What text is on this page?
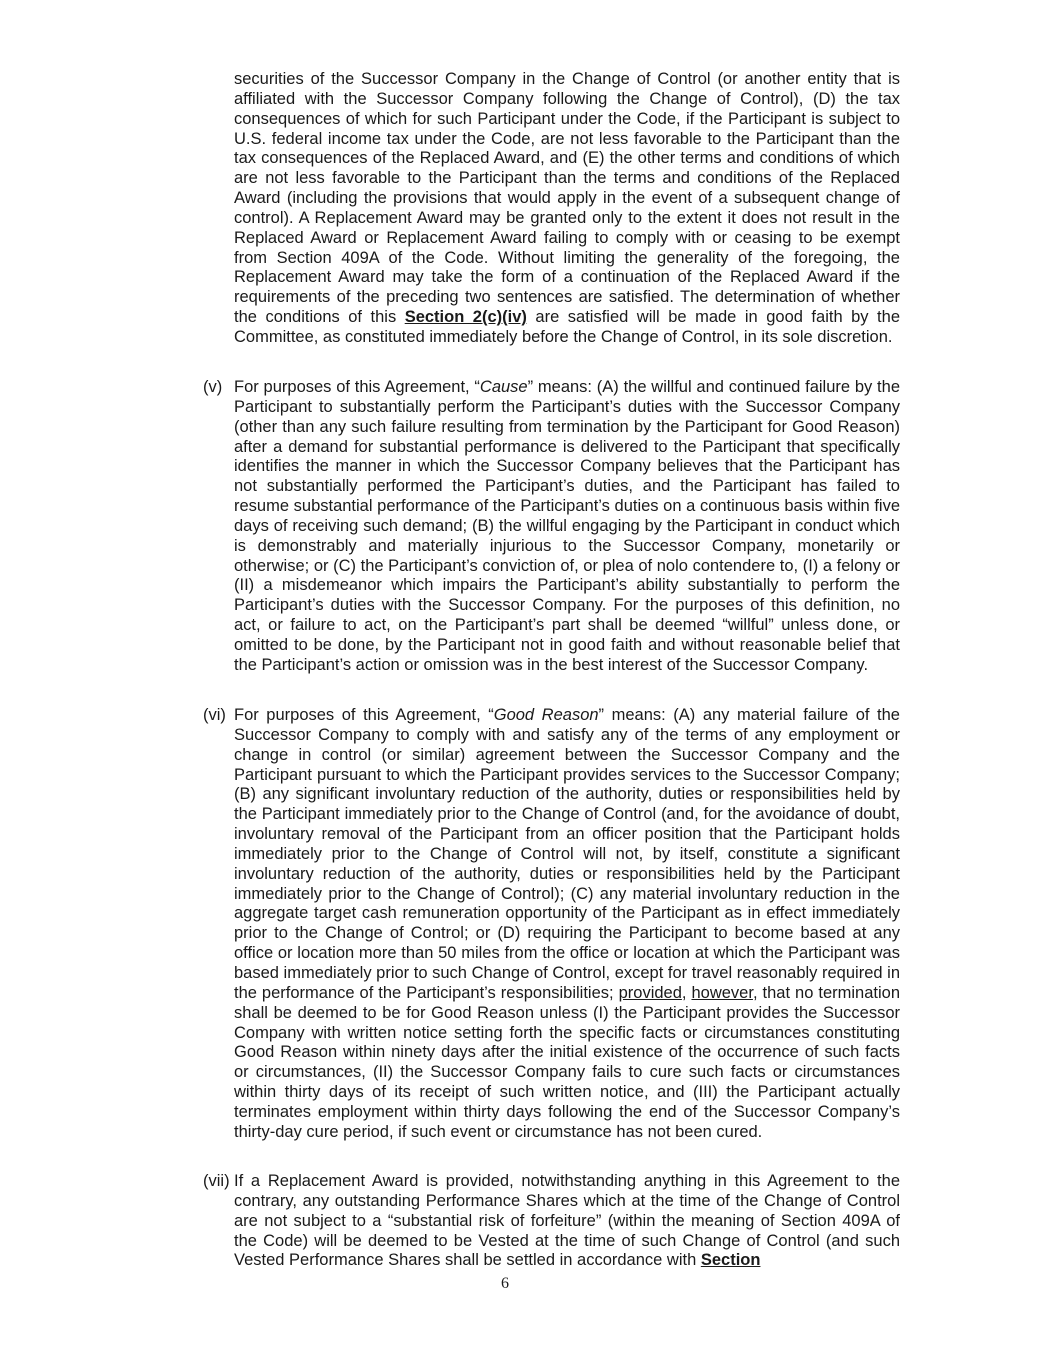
securities of the Successor Company in the Change of Control (or another entity that is affiliated with the Successor Company following the Change of Control), (D) the tax consequences of which for such Participant under the Code, if the Participant is subject to U.S. federal income tax under the Code, are not less favorable to the Participant than the tax consequences of the Replaced Award, and (E) the other terms and conditions of which are not less favorable to the Participant than the terms and conditions of the Replaced Award (including the provisions that would apply in the event of a subsequent change of control). A Replacement Award may be granted only to the extent it does not result in the Replaced Award or Replacement Award failing to comply with or ceasing to be exempt from Section 409A of the Code. Without limiting the generality of the foregoing, the Replacement Award may take the form of a continuation of the Replaced Award if the requirements of the preceding two sentences are satisfied. The determination of whether the conditions of this Section 2(c)(iv) are satisfied will be made in good faith by the Committee, as constituted immediately before the Change of Control, in its sole discretion.

(v) For purposes of this Agreement, “Cause” means: (A) the willful and continued failure by the Participant to substantially perform the Participant’s duties with the Successor Company (other than any such failure resulting from termination by the Participant for Good Reason) after a demand for substantial performance is delivered to the Participant that specifically identifies the manner in which the Successor Company believes that the Participant has not substantially performed the Participant’s duties, and the Participant has failed to resume substantial performance of the Participant’s duties on a continuous basis within five days of receiving such demand; (B) the willful engaging by the Participant in conduct which is demonstrably and materially injurious to the Successor Company, monetarily or otherwise; or (C) the Participant’s conviction of, or plea of nolo contendere to, (I) a felony or (II) a misdemeanor which impairs the Participant’s ability substantially to perform the Participant’s duties with the Successor Company. For the purposes of this definition, no act, or failure to act, on the Participant’s part shall be deemed “willful” unless done, or omitted to be done, by the Participant not in good faith and without reasonable belief that the Participant’s action or omission was in the best interest of the Successor Company.

(vi) For purposes of this Agreement, “Good Reason” means: (A) any material failure of the Successor Company to comply with and satisfy any of the terms of any employment or change in control (or similar) agreement between the Successor Company and the Participant pursuant to which the Participant provides services to the Successor Company; (B) any significant involuntary reduction of the authority, duties or responsibilities held by the Participant immediately prior to the Change of Control (and, for the avoidance of doubt, involuntary removal of the Participant from an officer position that the Participant holds immediately prior to the Change of Control will not, by itself, constitute a significant involuntary reduction of the authority, duties or responsibilities held by the Participant immediately prior to the Change of Control); (C) any material involuntary reduction in the aggregate target cash remuneration opportunity of the Participant as in effect immediately prior to the Change of Control; or (D) requiring the Participant to become based at any office or location more than 50 miles from the office or location at which the Participant was based immediately prior to such Change of Control, except for travel reasonably required in the performance of the Participant’s responsibilities; provided, however, that no termination shall be deemed to be for Good Reason unless (I) the Participant provides the Successor Company with written notice setting forth the specific facts or circumstances constituting Good Reason within ninety days after the initial existence of the occurrence of such facts or circumstances, (II) the Successor Company fails to cure such facts or circumstances within thirty days of its receipt of such written notice, and (III) the Participant actually terminates employment within thirty days following the end of the Successor Company’s thirty-day cure period, if such event or circumstance has not been cured.

(vii) If a Replacement Award is provided, notwithstanding anything in this Agreement to the contrary, any outstanding Performance Shares which at the time of the Change of Control are not subject to a “substantial risk of forfeiture” (within the meaning of Section 409A of the Code) will be deemed to be Vested at the time of such Change of Control (and such Vested Performance Shares shall be settled in accordance with Section

6
